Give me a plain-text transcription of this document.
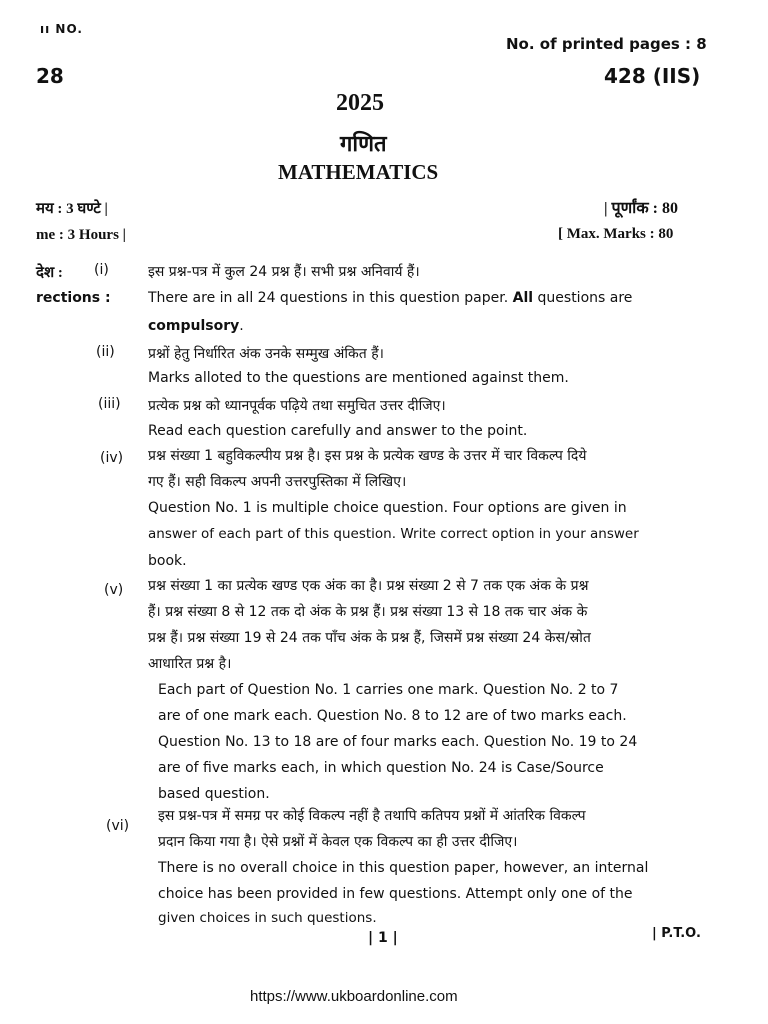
ıı NO.
No. of printed pages : 8
28	428 (IIS)
2025
गणित
MATHEMATICS
मय : 3 घण्टे |	| पूर्णांक : 80
me : 3 Hours |	[ Max. Marks : 80
देश :
rections :
(i)	इस प्रश्न-पत्र में कुल 24 प्रश्न हैं। सभी प्रश्न अनिवार्य हैं।
There are in all 24 questions in this question paper. All questions are
compulsory.
(ii) प्रश्नों हेतु निर्धारित अंक उनके सम्मुख अंकित हैं।
Marks alloted to the questions are mentioned against them.
(iii) प्रत्येक प्रश्न को ध्यानपूर्वक पढ़िये तथा समुचित उत्तर दीजिए।
Read each question carefully and answer to the point.
(iv) प्रश्न संख्या 1 बहुविकल्पीय प्रश्न है। इस प्रश्न के प्रत्येक खण्ड के उत्तर में चार विकल्प दिये
गए हैं। सही विकल्प अपनी उत्तरपुस्तिका में लिखिए।
Question No. 1 is multiple choice question. Four options are given in
answer of each part of this question. Write correct option in your answer
book.
(v) प्रश्न संख्या 1 का प्रत्येक खण्ड एक अंक का है। प्रश्न संख्या 2 से 7 तक एक अंक के प्रश्न
हैं। प्रश्न संख्या 8 से 12 तक दो अंक के प्रश्न हैं। प्रश्न संख्या 13 से 18 तक चार अंक के
प्रश्न हैं। प्रश्न संख्या 19 से 24 तक पाँच अंक के प्रश्न हैं, जिसमें प्रश्न संख्या 24 केस/स्रोत
आधारित प्रश्न है।
Each part of Question No. 1 carries one mark. Question No. 2 to 7
are of one mark each. Question No. 8 to 12 are of two marks each.
Question No. 13 to 18 are of four marks each. Question No. 19 to 24
are of five marks each, in which question No. 24 is Case/Source
based question.
(vi)
इस प्रश्न-पत्र में समग्र पर कोई विकल्प नहीं है तथापि कतिपय प्रश्नों में आंतरिक विकल्प
प्रदान किया गया है। ऐसे प्रश्नों में केवल एक विकल्प का ही उत्तर दीजिए।
There is no overall choice in this question paper, however, an internal
choice has been provided in few questions. Attempt only one of the
given choices in such questions.
| 1 |	| P.T.O.
https://www.ukboardonline.com
